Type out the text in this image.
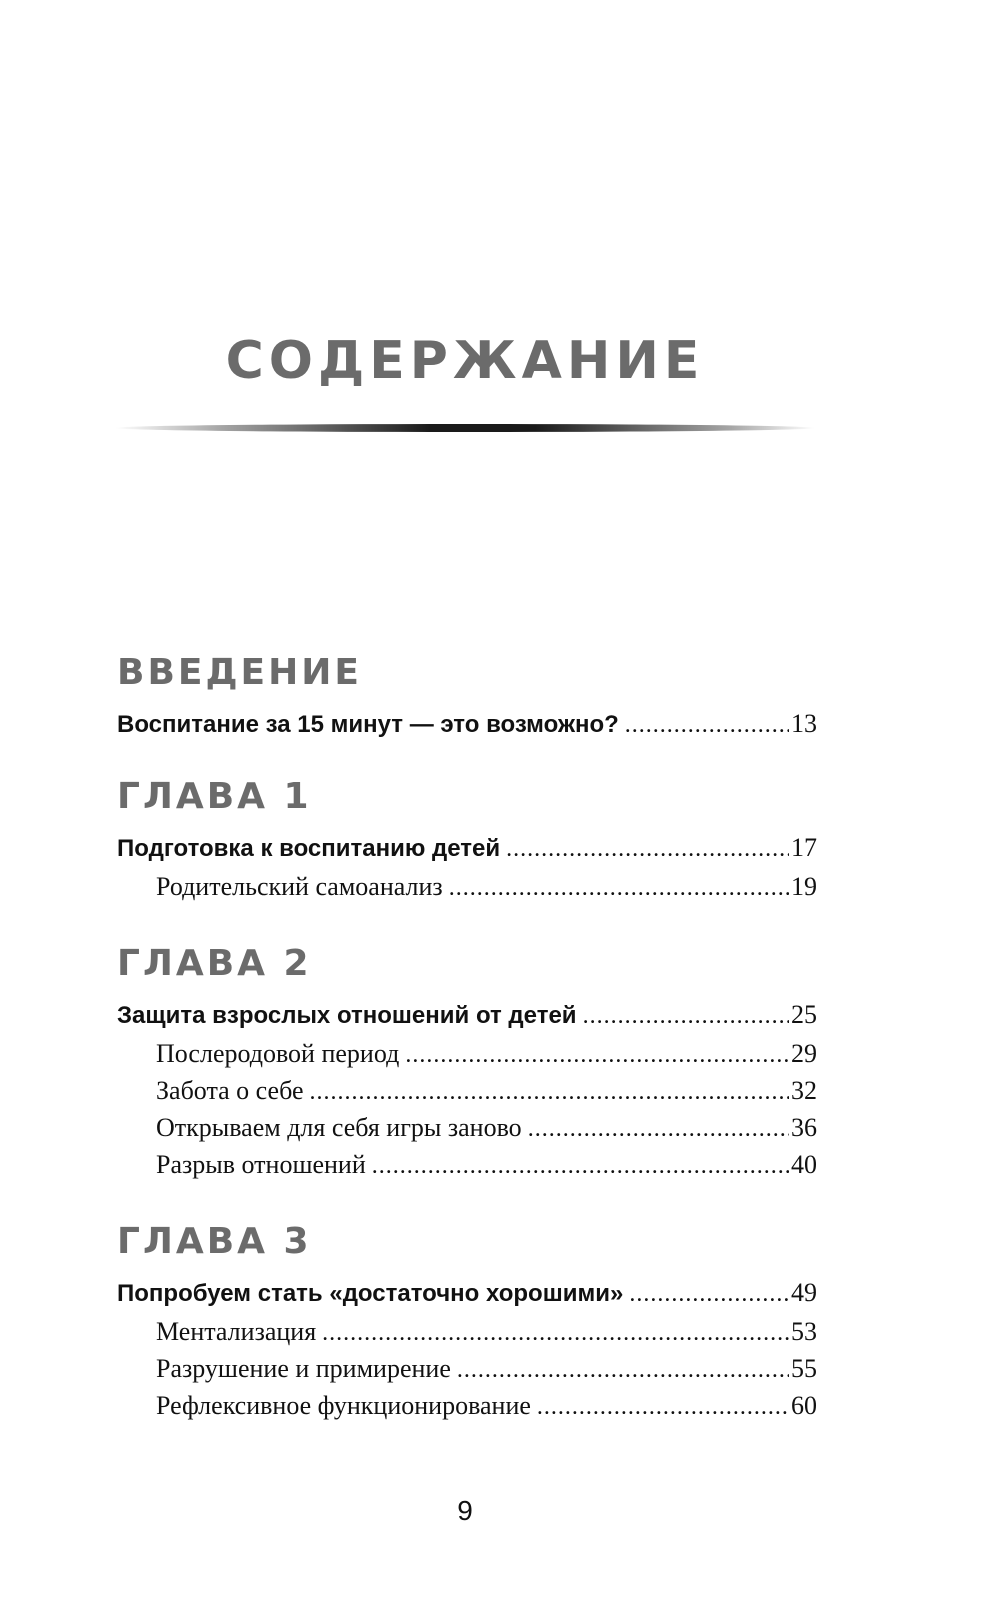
СОДЕРЖАНИЕ
ВВЕДЕНИЕ
Воспитание за 15 минут — это возможно? .....	13
ГЛАВА 1
Подготовка к воспитанию детей .....	17
Родительский самоанализ .....	19
ГЛАВА 2
Защита взрослых отношений от детей .....	25
Послеродовой период .....	29
Забота о себе .....	32
Открываем для себя игры заново .....	36
Разрыв отношений .....	40
ГЛАВА 3
Попробуем стать «достаточно хорошими» .....	49
Ментализация .....	53
Разрушение и примирение .....	55
Рефлексивное функционирование .....	60
9
